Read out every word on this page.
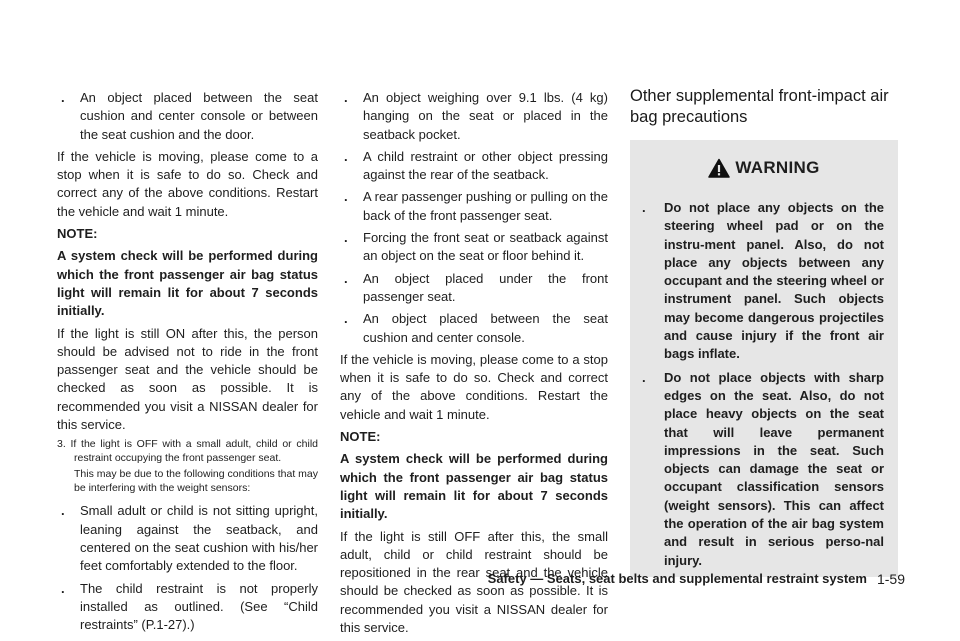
. An object placed between the seat cushion and center console or between the seat cushion and the door.

If the vehicle is moving, please come to a stop when it is safe to do so. Check and correct any of the above conditions. Restart the vehicle and wait 1 minute.

NOTE:

A system check will be performed during which the front passenger air bag status light will remain lit for about 7 seconds initially.

If the light is still ON after this, the person should be advised not to ride in the front passenger seat and the vehicle should be checked as soon as possible. It is recommended you visit a NISSAN dealer for this service.

3. If the light is OFF with a small adult, child or child restraint occupying the front passenger seat.

This may be due to the following conditions that may be interfering with the weight sensors:

. Small adult or child is not sitting upright, leaning against the seatback, and centered on the seat cushion with his/her feet comfortably extended to the floor.
. The child restraint is not properly installed as outlined. (See “Child restraints” (P.1-27).)
. An object weighing over 9.1 lbs. (4 kg) hanging on the seat or placed in the seatback pocket.
. A child restraint or other object pressing against the rear of the seatback.
. A rear passenger pushing or pulling on the back of the front passenger seat.
. Forcing the front seat or seatback against an object on the seat or floor behind it.
. An object placed under the front passenger seat.
. An object placed between the seat cushion and center console.

If the vehicle is moving, please come to a stop when it is safe to do so. Check and correct any of the above conditions. Restart the vehicle and wait 1 minute.

NOTE:

A system check will be performed during which the front passenger air bag status light will remain lit for about 7 seconds initially.

If the light is still OFF after this, the small adult, child or child restraint should be repositioned in the rear seat and the vehicle should be checked as soon as possible. It is recommended you visit a NISSAN dealer for this service.

Other supplemental front-impact air bag precautions
WARNING
. Do not place any objects on the steering wheel pad or on the instru-ment panel. Also, do not place any objects between any occupant and the steering wheel or instrument panel. Such objects may become dangerous projectiles and cause injury if the front air bags inflate.
. Do not place objects with sharp edges on the seat. Also, do not place heavy objects on the seat that will leave permanent impressions in the seat. Such objects can damage the seat or occupant classification sensors (weight sensors). This can affect the operation of the air bag system and result in serious perso-nal injury.
Safety — Seats, seat belts and supplemental restraint system 1-59
